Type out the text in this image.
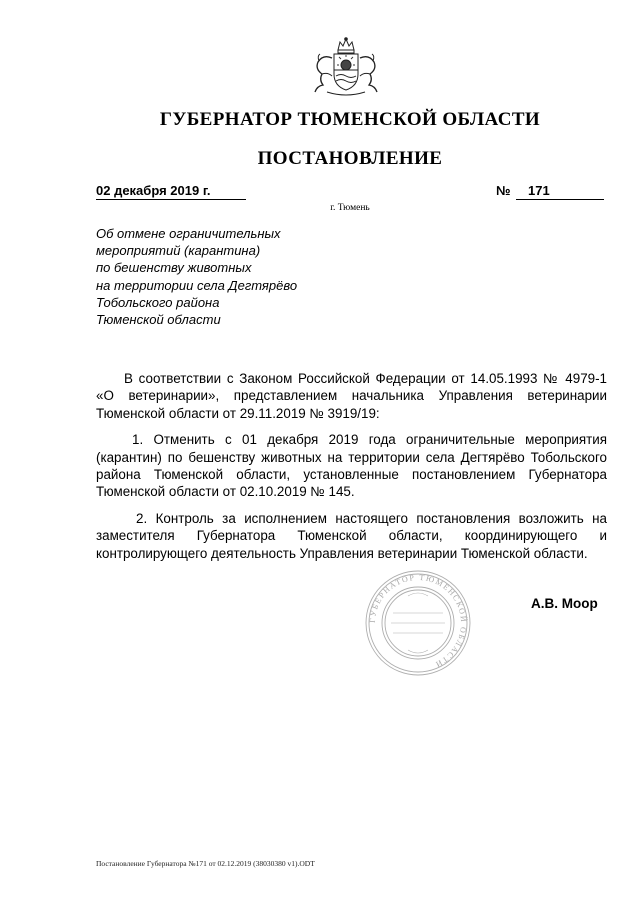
ГУБЕРНАТОР ТЮМЕНСКОЙ ОБЛАСТИ
ПОСТАНОВЛЕНИЕ
02 декабря 2019 г.	№	171
г. Тюмень
Об отмене ограничительных
мероприятий (карантина)
по бешенству животных
на территории села Дегтярёво
Тобольского района
Тюменской области

В соответствии с Законом Российской Федерации от 14.05.1993 № 4979-1 «О ветеринарии», представлением начальника Управления ветеринарии Тюменской области от 29.11.2019 № 3919/19:

1. Отменить с 01 декабря 2019 года ограничительные мероприятия (карантин) по бешенству животных на территории села Дегтярёво Тобольского района Тюменской области, установленные постановлением Губернатора Тюменской области от 02.10.2019 № 145.

2. Контроль за исполнением настоящего постановления возложить на заместителя Губернатора Тюменской области, координирующего и контролирующего деятельность Управления ветеринарии Тюменской области.

ГУБЕРНАТОР ТЮМЕНСКОЙ ОБЛАСТИ
А.В. Моор
Постановление Губернатора №171 от 02.12.2019 (38030380 v1).ODT
